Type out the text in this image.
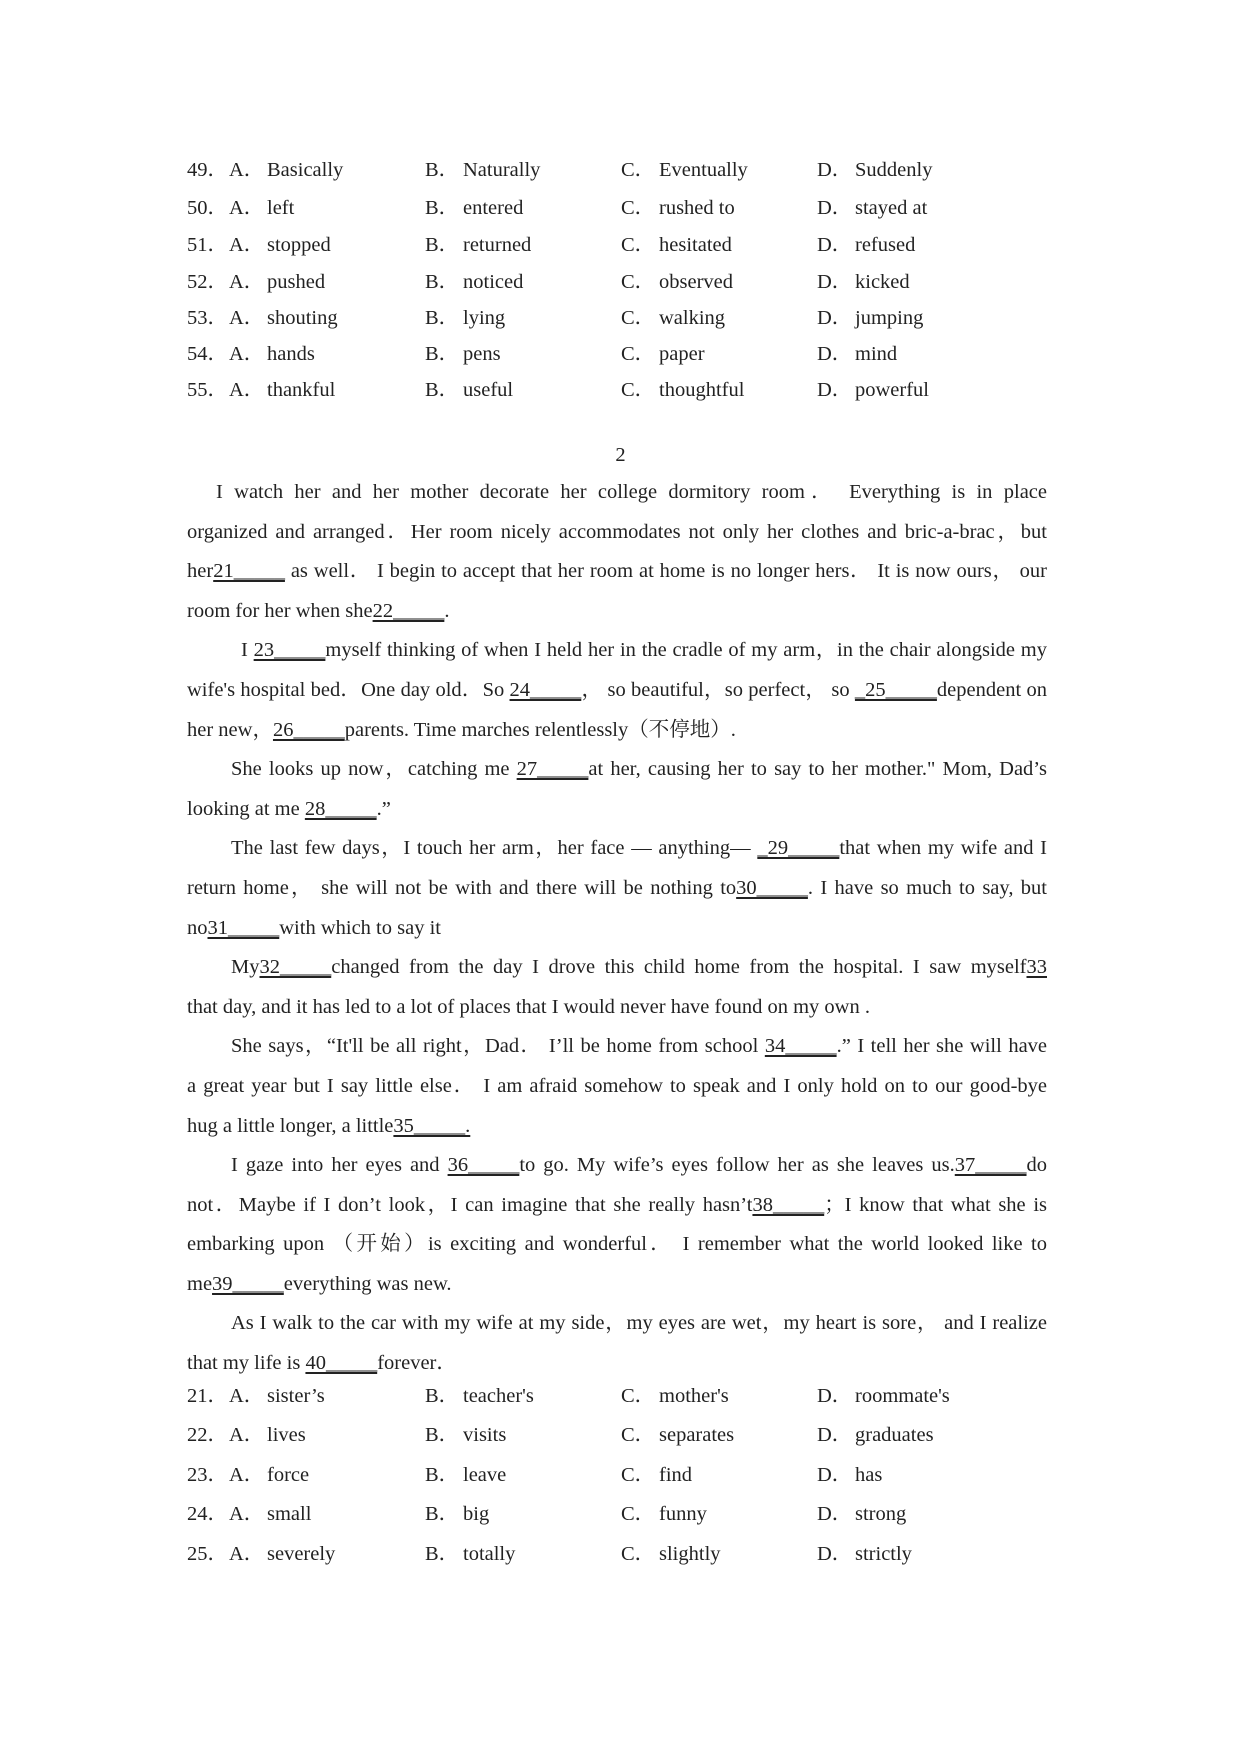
49． A． Basically	B． Naturally	C． Eventually	D． Suddenly
50． A． left	B． entered	C． rushed to	D． stayed at
51． A． stopped	B． returned	C． hesitated	D． refused
52． A． pushed	B． noticed	C． observed	D． kicked
53． A． shouting	B． lying	C． walking	D． jumping
54． A． hands	B． pens	C． paper	D． mind
55． A． thankful	B． useful	C． thoughtful	D． powerful
2
I watch her and her mother decorate her college dormitory room． Everything is in place
organized and arranged．Her room nicely accommodates not only her clothes and bric-a-brac，but
her21_____ as well． I begin to accept that her room at home is no longer hers． It is now ours， our
room for her when she22_____.
I 23_____myself thinking of when I held her in the cradle of my arm，in the chair alongside my
wife's hospital bed．One day old．So 24_____， so beautiful，so perfect， so _25_____dependent on
her new，26_____parents. Time marches relentlessly（不停地）.
She looks up now，catching me 27_____at her, causing her to say to her mother." Mom, Dad’s
looking at me 28_____.”
The last few days，I touch her arm，her face — anything— _29_____that when my wife and I
return home， she will not be with and there will be nothing to30_____. I have so much to say, but
no31_____with which to say it
My32_____changed from the day I drove this child home from the hospital. I saw myself33
that day, and it has led to a lot of places that I would never have found on my own .
She says，“It'll be all right，Dad． I’ll be home from school 34_____.” I tell her she will have
a great year but I say little else． I am afraid somehow to speak and I only hold on to our good-bye
hug a little longer, a little35_____.
I gaze into her eyes and 36_____to go. My wife’s eyes follow her as she leaves us.37_____do
not．Maybe if I don’t look，I can imagine that she really hasn’t38_____；I know that what she is
embarking upon （开始）is exciting and wonderful． I remember what the world looked like to
me39_____everything was new.
As I walk to the car with my wife at my side，my eyes are wet，my heart is sore， and I realize
that my life is 40_____forever．
21． A． sister’s	B． teacher's	C． mother's	D． roommate's
22． A． lives	B． visits	C． separates	D． graduates
23． A． force	B． leave	C． find	D． has
24． A． small	B． big	C． funny	D． strong
25． A． severely	B． totally	C． slightly	D． strictly
